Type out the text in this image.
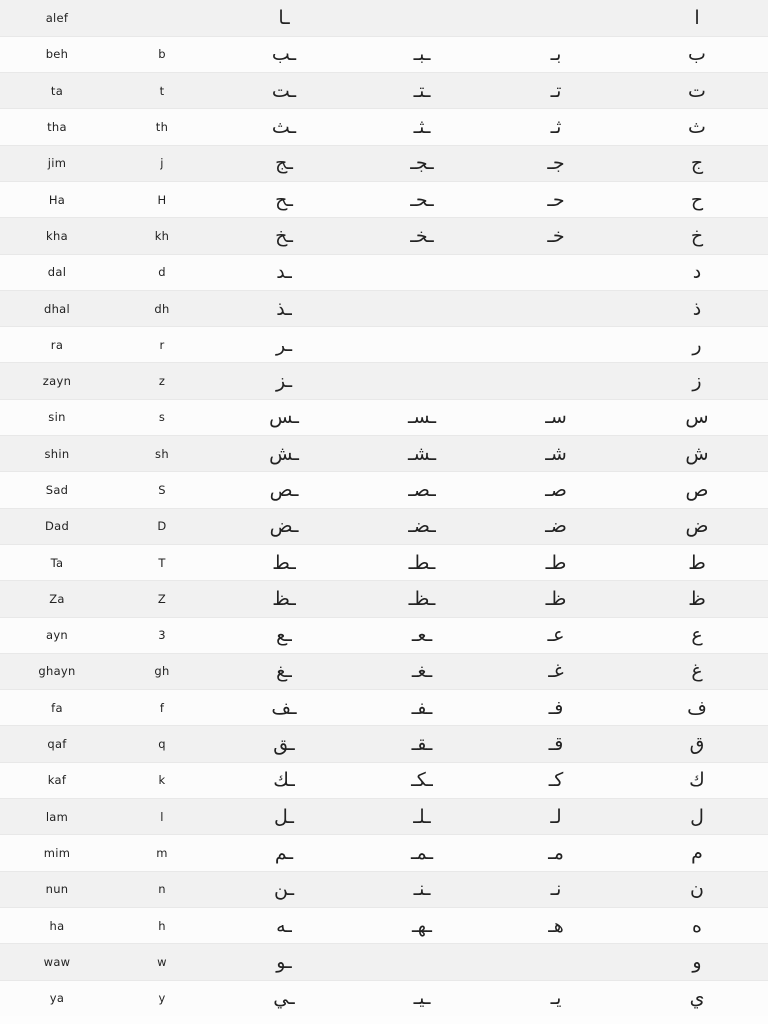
alef		ـا			ا
beh	b	ـب	ـبـ	بـ	ب
ta	t	ـت	ـتـ	تـ	ت
tha	th	ـث	ـثـ	ثـ	ث
jim	j	ـج	ـجـ	جـ	ج
Ha	H	ـح	ـحـ	حـ	ح
kha	kh	ـخ	ـخـ	خـ	خ
dal	d	ـد			د
dhal	dh	ـذ			ذ
ra	r	ـر			ر
zayn	z	ـز			ز
sin	s	ـس	ـسـ	سـ	س
shin	sh	ـش	ـشـ	شـ	ش
Sad	S	ـص	ـصـ	صـ	ص
Dad	D	ـض	ـضـ	ضـ	ض
Ta	T	ـط	ـطـ	طـ	ط
Za	Z	ـظ	ـظـ	ظـ	ظ
ayn	3	ـع	ـعـ	عـ	ع
ghayn	gh	ـغ	ـغـ	غـ	غ
fa	f	ـف	ـفـ	فـ	ف
qaf	q	ـق	ـقـ	قـ	ق
kaf	k	ـك	ـكـ	كـ	ك
lam	l	ـل	ـلـ	لـ	ل
mim	m	ـم	ـمـ	مـ	م
nun	n	ـن	ـنـ	نـ	ن
ha	h	ـه	ـهـ	هـ	ه
waw	w	ـو			و
ya	y	ـي	ـيـ	يـ	ي
